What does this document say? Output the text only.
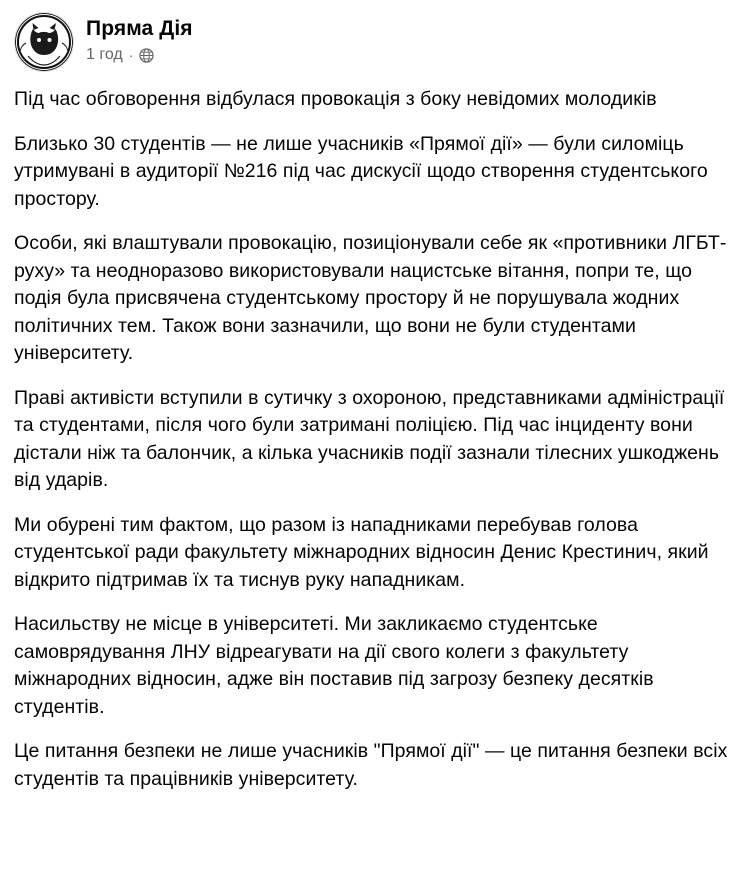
Пряма Дія
1 год ·

Під час обговорення відбулася провокація з боку невідомих молодиків

Близько 30 студентів — не лише учасників «Прямої дії» — були силоміць утримувані в аудиторії №216 під час дискусії щодо створення студентського простору.

Особи, які влаштували провокацію, позиціонували себе як «противники ЛГБТ-руху» та неодноразово використовували нацистське вітання, попри те, що подія була присвячена студентському простору й не порушувала жодних політичних тем. Також вони зазначили, що вони не були студентами університету.

Праві активісти вступили в сутичку з охороною, представниками адміністрації та студентами, після чого були затримані поліцією. Під час інциденту вони дістали ніж та балончик, а кілька учасників події зазнали тілесних ушкоджень від ударів.

Ми обурені тим фактом, що разом із нападниками перебував голова студентської ради факультету міжнародних відносин Денис Крестинич, який відкрито підтримав їх та тиснув руку нападникам.

Насильству не місце в університеті. Ми закликаємо студентське самоврядування ЛНУ відреагувати на дії свого колеги з факультету міжнародних відносин, адже він поставив під загрозу безпеку десятків студентів.

Це питання безпеки не лише учасників "Прямої дії" — це питання безпеки всіх студентів та працівників університету.
